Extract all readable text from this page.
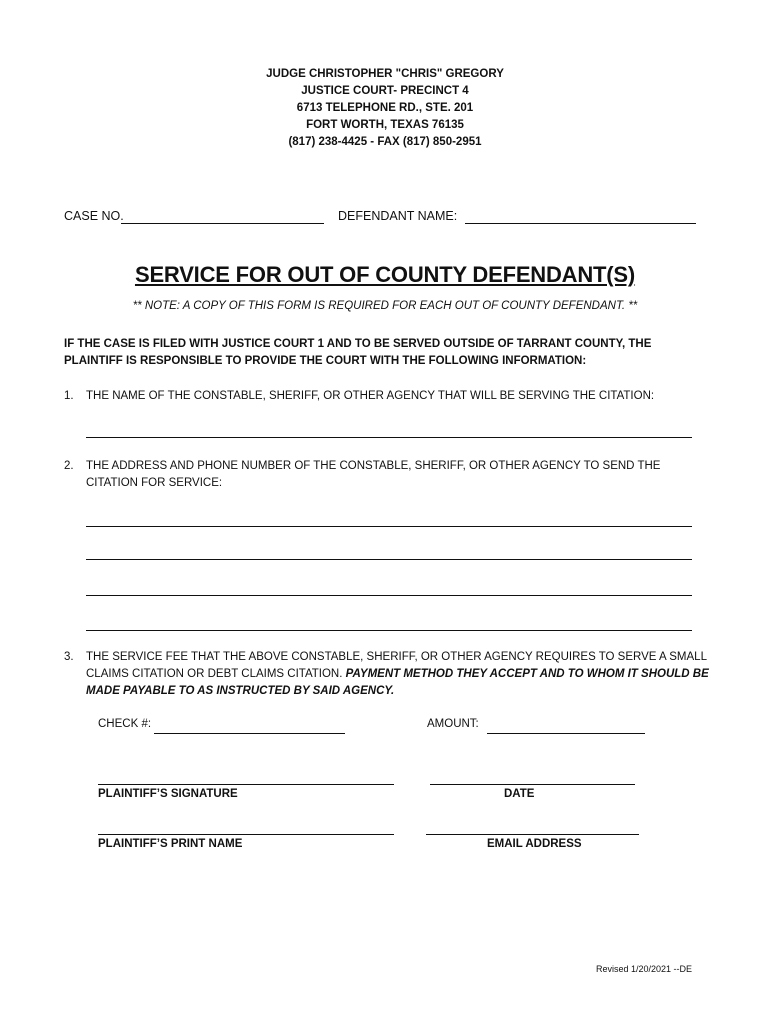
JUDGE CHRISTOPHER "CHRIS" GREGORY
JUSTICE COURT- PRECINCT 4
6713 TELEPHONE RD., STE. 201
FORT WORTH, TEXAS 76135
(817) 238-4425 - FAX (817) 850-2951
CASE NO.	DEFENDANT NAME:
SERVICE FOR OUT OF COUNTY DEFENDANT(S)
** NOTE: A COPY OF THIS FORM IS REQUIRED FOR EACH OUT OF COUNTY DEFENDANT. **
IF THE CASE IS FILED WITH JUSTICE COURT 1 AND TO BE SERVED OUTSIDE OF TARRANT COUNTY, THE PLAINTIFF IS RESPONSIBLE TO PROVIDE THE COURT WITH THE FOLLOWING INFORMATION:
1. THE NAME OF THE CONSTABLE, SHERIFF, OR OTHER AGENCY THAT WILL BE SERVING THE CITATION:
2. THE ADDRESS AND PHONE NUMBER OF THE CONSTABLE, SHERIFF, OR OTHER AGENCY TO SEND THE CITATION FOR SERVICE:
3. THE SERVICE FEE THAT THE ABOVE CONSTABLE, SHERIFF, OR OTHER AGENCY REQUIRES TO SERVE A SMALL CLAIMS CITATION OR DEBT CLAIMS CITATION. PAYMENT METHOD THEY ACCEPT AND TO WHOM IT SHOULD BE MADE PAYABLE TO AS INSTRUCTED BY SAID AGENCY.
CHECK #:	AMOUNT:
PLAINTIFF’S SIGNATURE	DATE
PLAINTIFF’S PRINT NAME	EMAIL ADDRESS
Revised 1/20/2021 --DE
